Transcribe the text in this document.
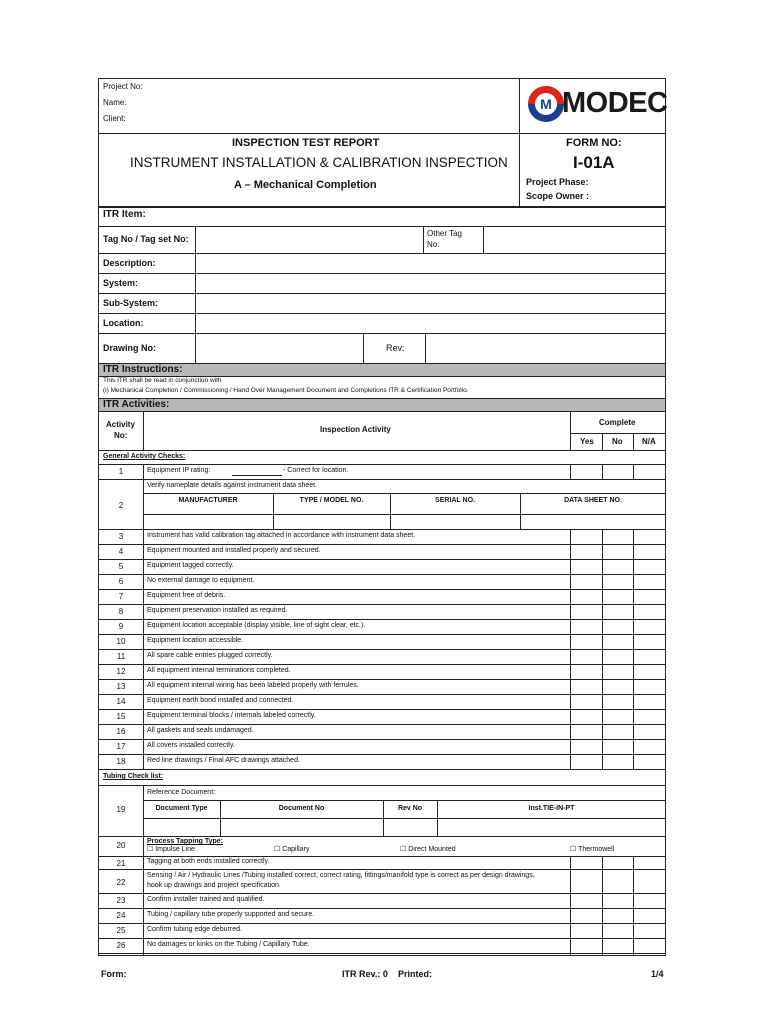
Project No:
Name:
Client:
M MODEC
INSPECTION TEST REPORT
INSTRUMENT INSTALLATION & CALIBRATION INSPECTION
A – Mechanical Completion
FORM NO:
I-01A
Project Phase:
Scope Owner :
ITR Item:
Tag No / Tag set No:
Other Tag
No:
Description:
System:
Sub-System:
Location:
Drawing No:	Rev:
ITR Instructions:
This ITR shall be read in conjunction with
(i) Mechanical Completion / Commissioning / Hand Over Management Document and Completions ITR & Certification Portfolio.
ITR Activities:
Activity
No:
Inspection Activity
Complete
Yes No N/A
General Activity Checks:
1	Equipment IP rating:	- Correct for location.
2
Verify nameplate details against instrument data sheet.
MANUFACTURER	TYPE / MODEL NO.	SERIAL NO.	DATA SHEET NO.
3	Instrument has valid calibration tag attached in accordance with instrument data sheet.
4	Equipment mounted and installed properly and secured.
5	Equipment tagged correctly.
6	No external damage to equipment.
7	Equipment free of debris.
8	Equipment preservation installed as required.
9	Equipment location acceptable (display visible, line of sight clear, etc.).
10	Equipment location accessible.
11	All spare cable entries plugged correctly.
12	All equipment internal terminations completed.
13	All equipment internal wiring has been labeled properly with ferrules.
14	Equipment earth bond installed and connected.
15	Equipment terminal blocks / internals labeled correctly.
16	All gaskets and seals undamaged.
17	All covers installed correctly.
18	Red line drawings / Final AFC drawings attached.
Tubing Check list:
19
Reference Document:
Document Type	Document No	Rev No	Inst.TIE-IN-PT
20	Process Tapping Type:
☐ Impulse Line	☐ Capillary	☐ Direct Mounted	☐ Thermowell
21	Tagging at both ends installed correctly.
22
Sensing / Air / Hydraulic Lines /Tubing installed correct, correct rating, fittings/manifold type is correct as per design drawings,
hook up drawings and project specification.
23	Confirm installer trained and qualified.
24	Tubing / capillary tube properly supported and secure.
25	Confirm tubing edge deburred.
26	No damages or kinks on the Tubing / Capillary Tube.
Form:	ITR Rev.: 0 Printed:	1/4
